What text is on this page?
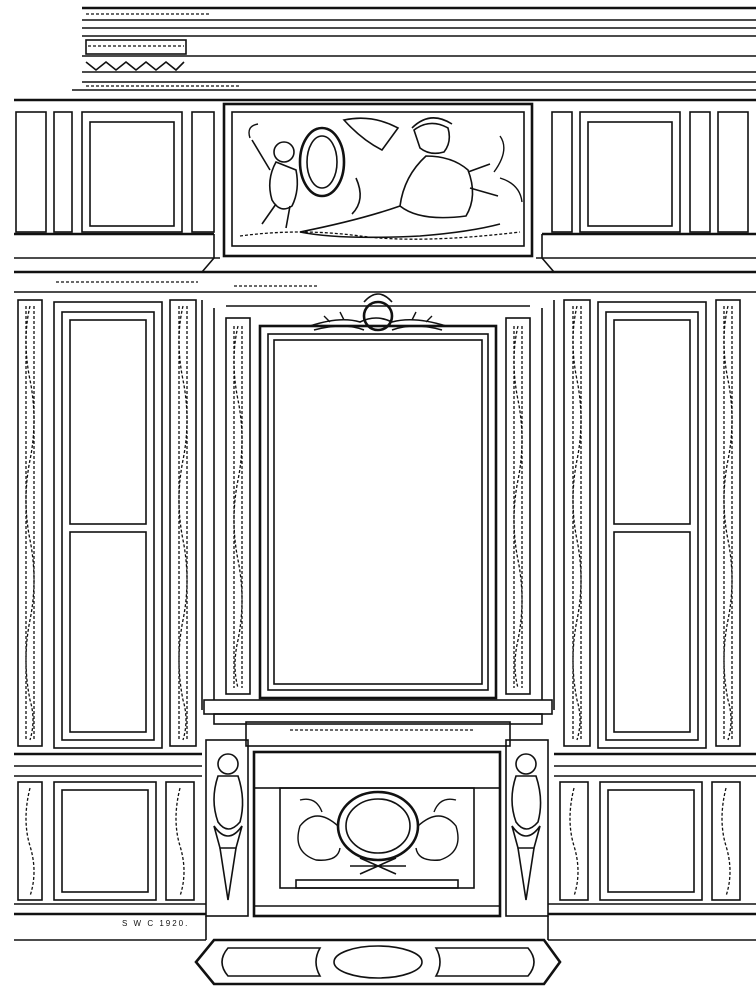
S W C 1920.
